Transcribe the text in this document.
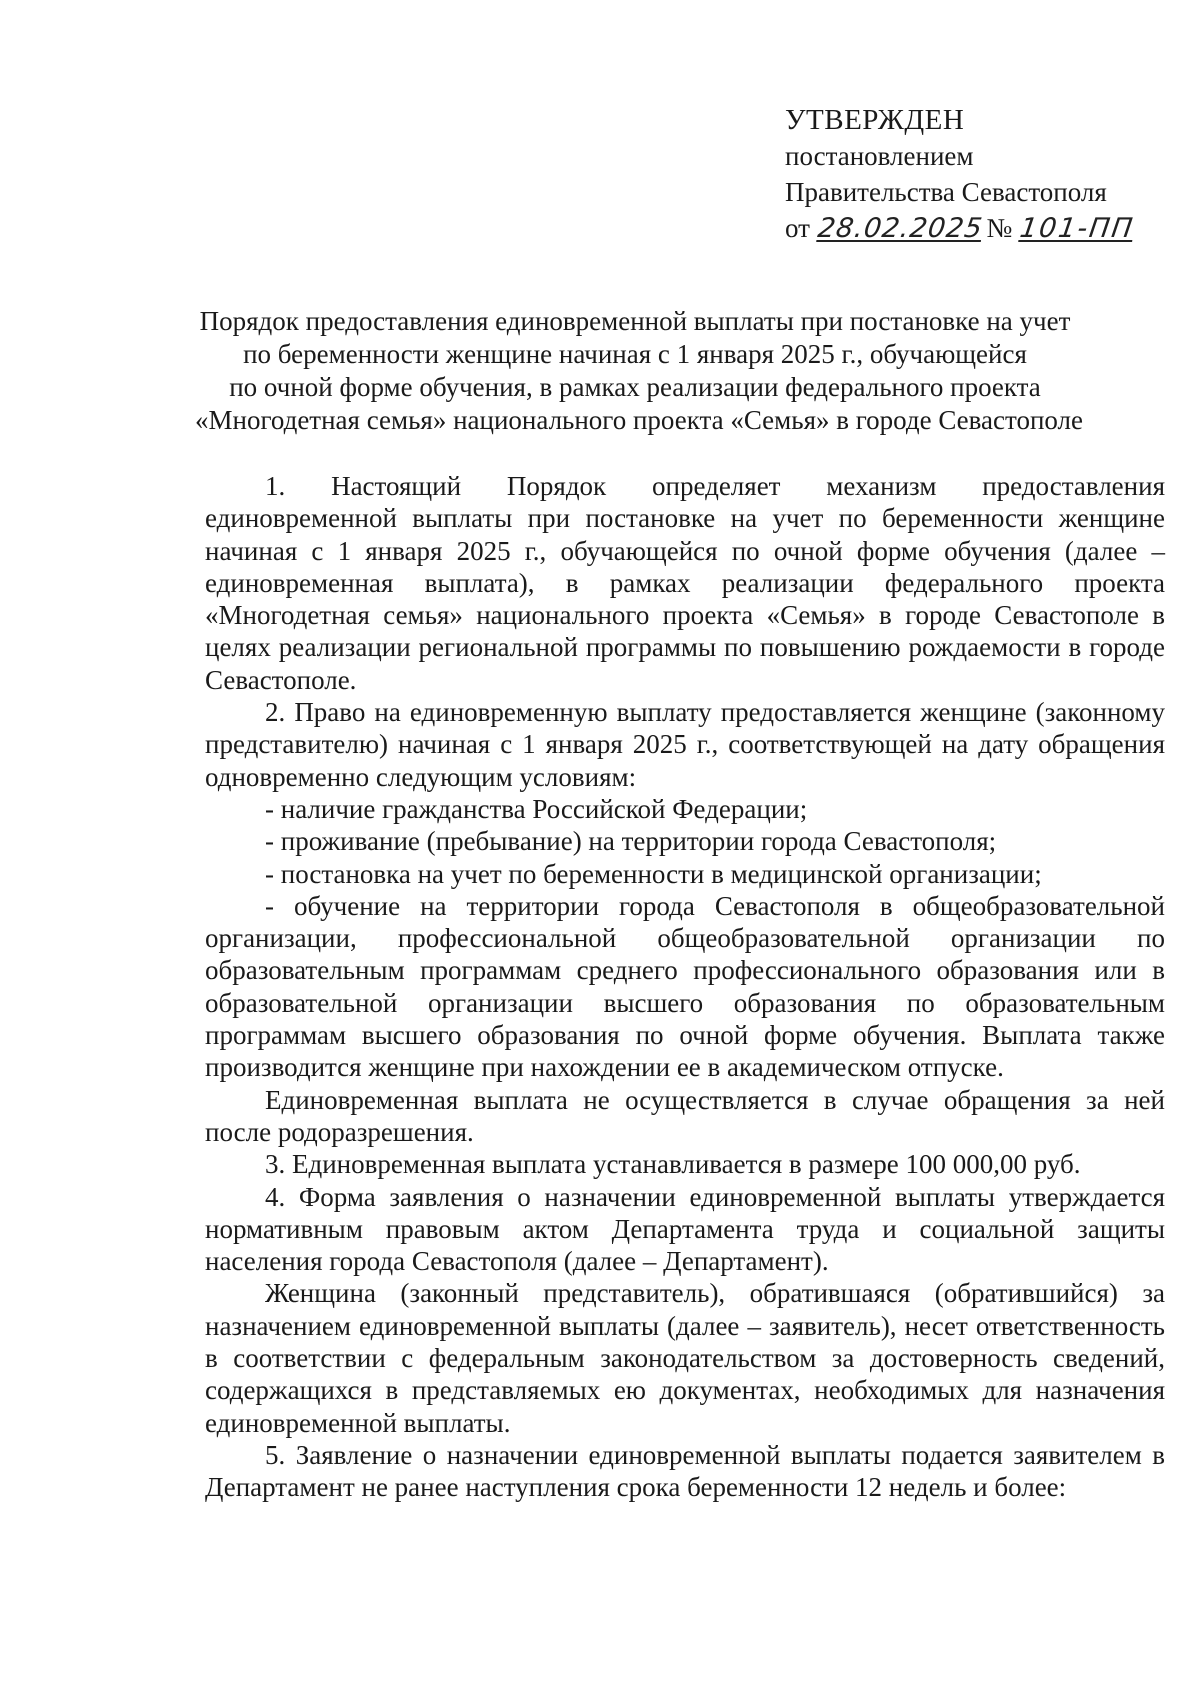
УТВЕРЖДЕН
постановлением
Правительства Севастополя
от 28.02.2025 № 101-ПП
Порядок предоставления единовременной выплаты при постановке на учет
по беременности женщине начиная с 1 января 2025 г., обучающейся
по очной форме обучения, в рамках реализации федерального проекта
«Многодетная семья» национального проекта «Семья» в городе Севастополе

1. Настоящий Порядок определяет механизм предоставления единовременной выплаты при постановке на учет по беременности женщине начиная с 1 января 2025 г., обучающейся по очной форме обучения (далее – единовременная выплата), в рамках реализации федерального проекта «Многодетная семья» национального проекта «Семья» в городе Севастополе в целях реализации региональной программы по повышению рождаемости в городе Севастополе.

2. Право на единовременную выплату предоставляется женщине (законному представителю) начиная с 1 января 2025 г., соответствующей на дату обращения одновременно следующим условиям:

- наличие гражданства Российской Федерации;

- проживание (пребывание) на территории города Севастополя;

- постановка на учет по беременности в медицинской организации;

- обучение на территории города Севастополя в общеобразовательной организации, профессиональной общеобразовательной организации по образовательным программам среднего профессионального образования или в образовательной организации высшего образования по образовательным программам высшего образования по очной форме обучения. Выплата также производится женщине при нахождении ее в академическом отпуске.

Единовременная выплата не осуществляется в случае обращения за ней после родоразрешения.

3. Единовременная выплата устанавливается в размере 100 000,00 руб.

4. Форма заявления о назначении единовременной выплаты утверждается нормативным правовым актом Департамента труда и социальной защиты населения города Севастополя (далее – Департамент).

Женщина (законный представитель), обратившаяся (обратившийся) за назначением единовременной выплаты (далее – заявитель), несет ответственность в соответствии с федеральным законодательством за достоверность сведений, содержащихся в представляемых ею документах, необходимых для назначения единовременной выплаты.

5. Заявление о назначении единовременной выплаты подается заявителем в Департамент не ранее наступления срока беременности 12 недель и более:
